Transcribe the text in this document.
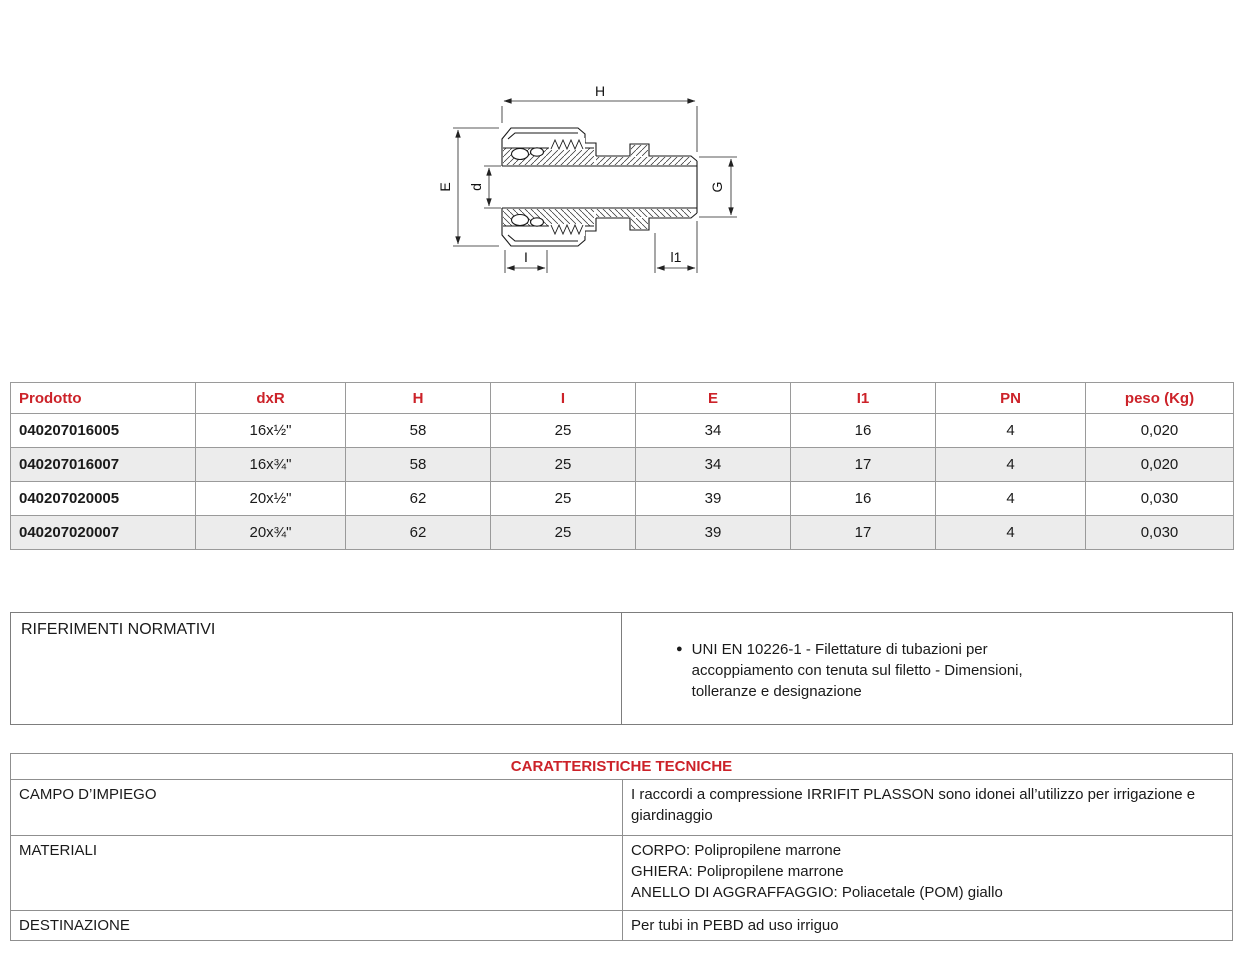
H
E d	G
I	l1
Prodotto	dxR	H	I	E	I1	PN	peso (Kg)
040207016005	16x½"	58	25	34	16	4	0,020
040207016007	16x¾"	58	25	34	17	4	0,020
040207020005	20x½"	62	25	39	16	4	0,030
040207020007	20x¾"	62	25	39	17	4	0,030
RIFERIMENTI NORMATIVI
● UNI EN 10226-1 - Filettature di tubazioni per accoppiamento con tenuta sul filetto - Dimensioni, tolleranze e designazione
CARATTERISTICHE TECNICHE	
CAMPO D’IMPIEGO	I raccordi a compressione IRRIFIT PLASSON sono idonei all’utilizzo per irrigazione e giardinaggio
MATERIALI	CORPO: Polipropilene marrone
GHIERA: Polipropilene marrone
ANELLO DI AGGRAFFAGGIO: Poliacetale (POM) giallo

DESTINAZIONE	Per tubi in PEBD ad uso irriguo
